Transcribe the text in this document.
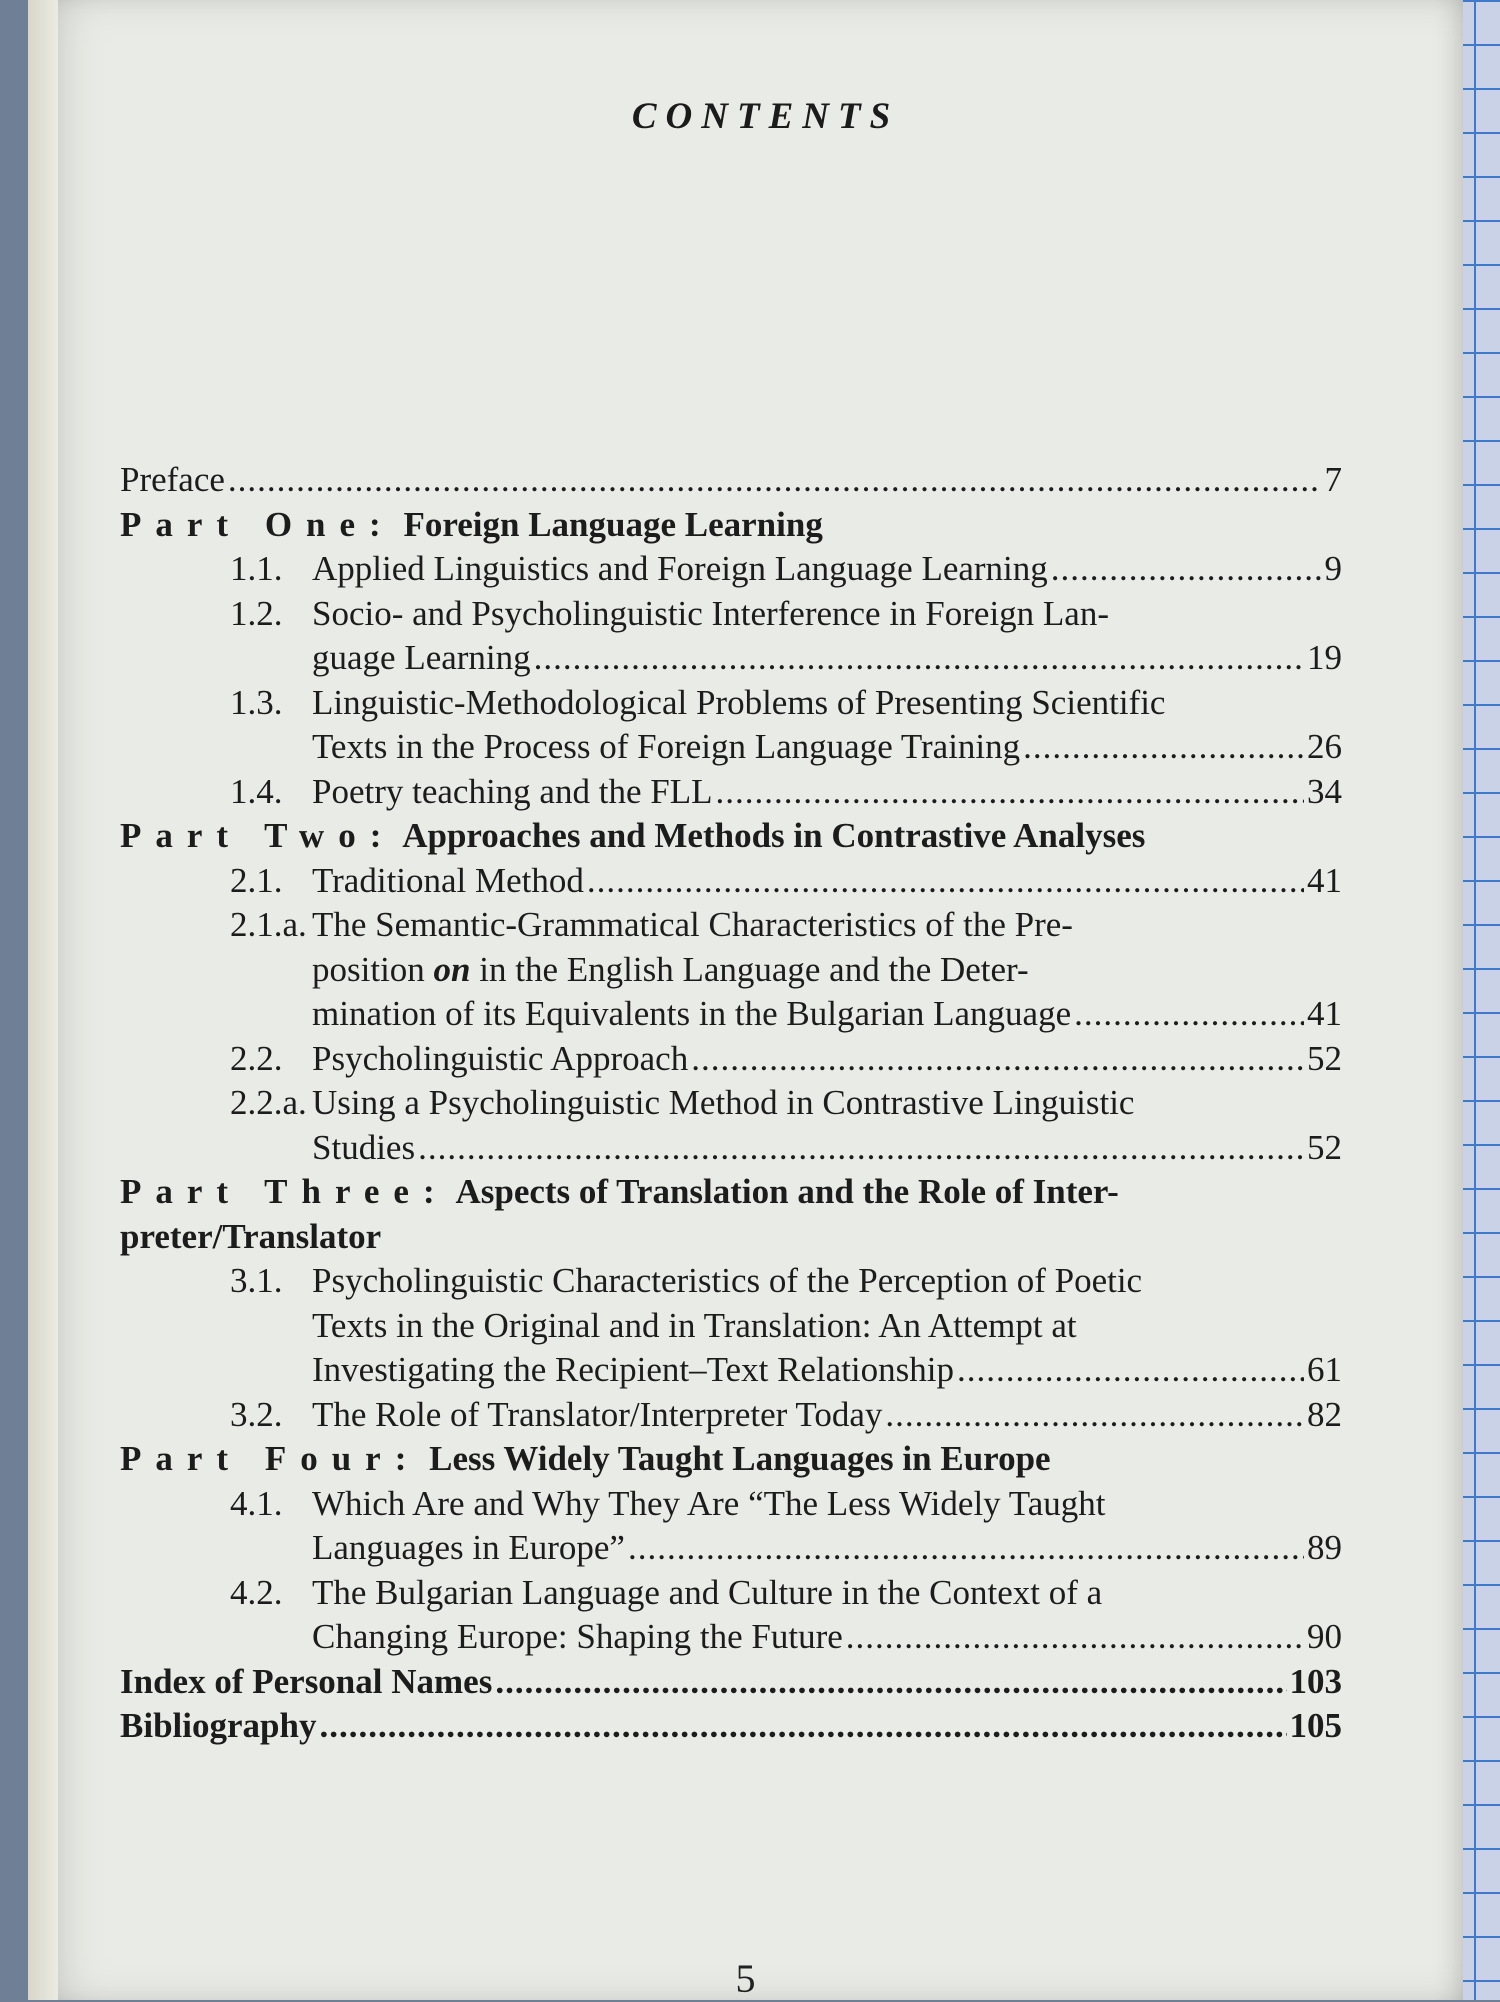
CONTENTS
Preface .....	7
Part One: Foreign Language Learning
1.1. Applied Linguistics and Foreign Language Learning .....	9
1.2. Socio- and Psycholinguistic Interference in Foreign Lan-
guage Learning .....	19
1.3. Linguistic-Methodological Problems of Presenting Scientific
Texts in the Process of Foreign Language Training .....	26
1.4. Poetry teaching and the FLL .....	34
Part Two: Approaches and Methods in Contrastive Analyses
2.1. Traditional Method .....	41
2.1.a. The Semantic-Grammatical Characteristics of the Pre-
position on in the English Language and the Deter-
mination of its Equivalents in the Bulgarian Language .....	41
2.2. Psycholinguistic Approach .....	52
2.2.a. Using a Psycholinguistic Method in Contrastive Linguistic
Studies .....	52
Part Three: Aspects of Translation and the Role of Inter-
preter/Translator
3.1. Psycholinguistic Characteristics of the Perception of Poetic
Texts in the Original and in Translation: An Attempt at
Investigating the Recipient–Text Relationship .....	61
3.2. The Role of Translator/Interpreter Today .....	82
Part Four: Less Widely Taught Languages in Europe
4.1. Which Are and Why They Are “The Less Widely Taught
Languages in Europe” .....	89
4.2. The Bulgarian Language and Culture in the Context of a
Changing Europe: Shaping the Future .....	90
Index of Personal Names .....	103
Bibliography .....	105
5
